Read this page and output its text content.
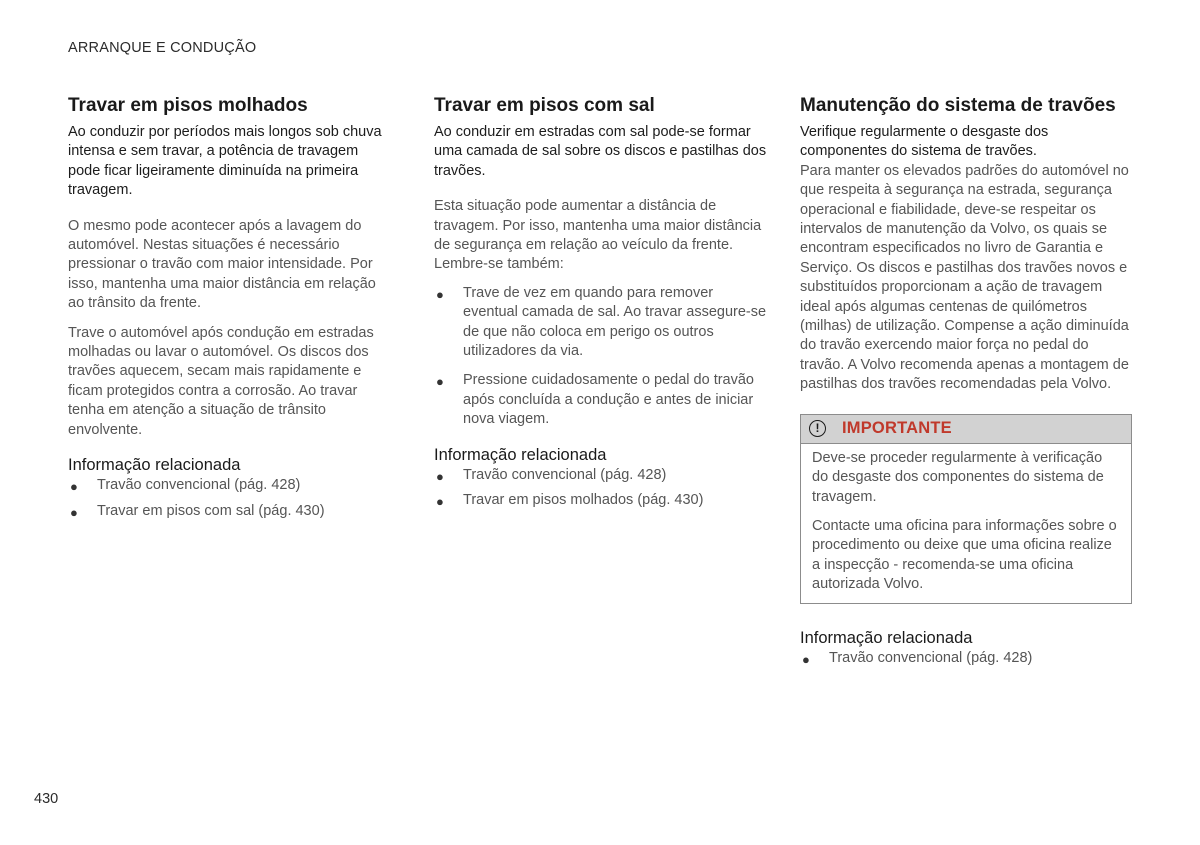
ARRANQUE E CONDUÇÃO
Travar em pisos molhados

Ao conduzir por períodos mais longos sob chuva intensa e sem travar, a potência de travagem pode ficar ligeiramente diminuída na primeira travagem.

O mesmo pode acontecer após a lavagem do automóvel. Nestas situações é necessário pressionar o travão com maior intensidade. Por isso, mantenha uma maior distância em relação ao trânsito da frente.

Trave o automóvel após condução em estradas molhadas ou lavar o automóvel. Os discos dos travões aquecem, secam mais rapidamente e ficam protegidos contra a corrosão. Ao travar tenha em atenção a situação de trânsito envolvente.

Informação relacionada
● Travão convencional (pág. 428)
● Travar em pisos com sal (pág. 430)
Travar em pisos com sal

Ao conduzir em estradas com sal pode-se formar uma camada de sal sobre os discos e pastilhas dos travões.

Esta situação pode aumentar a distância de travagem. Por isso, mantenha uma maior distância de segurança em relação ao veículo da frente. Lembre-se também:

● Trave de vez em quando para remover eventual camada de sal. Ao travar assegure-se de que não coloca em perigo os outros utilizadores da via.
● Pressione cuidadosamente o pedal do travão após concluída a condução e antes de iniciar nova viagem.
Informação relacionada
● Travão convencional (pág. 428)
● Travar em pisos molhados (pág. 430)
Manutenção do sistema de travões

Verifique regularmente o desgaste dos componentes do sistema de travões.

Para manter os elevados padrões do automóvel no que respeita à segurança na estrada, segurança operacional e fiabilidade, deve-se respeitar os intervalos de manutenção da Volvo, os quais se encontram especificados no livro de Garantia e Serviço. Os discos e pastilhas dos travões novos e substituídos proporcionam a ação de travagem ideal após algumas centenas de quilómetros (milhas) de utilização. Compense a ação diminuída do travão exercendo maior força no pedal do travão. A Volvo recomenda apenas a montagem de pastilhas dos travões recomendadas pela Volvo.

!	IMPORTANTE

Deve-se proceder regularmente à verificação do desgaste dos componentes do sistema de travagem.

Contacte uma oficina para informações sobre o procedimento ou deixe que uma oficina realize a inspecção - recomenda-se uma oficina autorizada Volvo.

Informação relacionada
● Travão convencional (pág. 428)
430
